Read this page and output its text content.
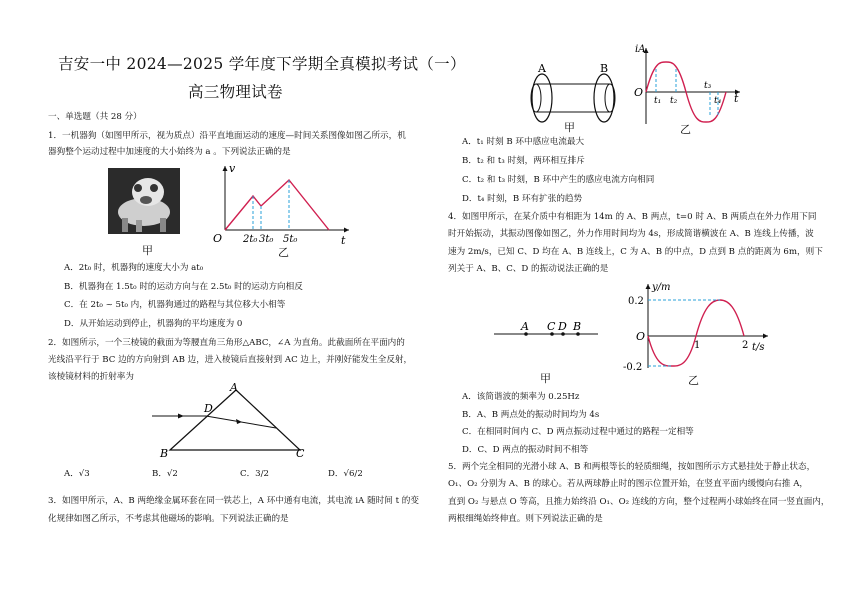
吉安一中 2024—2025 学年度下学期全真模拟考试（一）
高三物理试卷
一、单选题（共 28 分）
1．一机器狗（如图甲所示，视为质点）沿平直地面运动的速度—时间关系图像如图乙所示，机
器狗整个运动过程中加速度的大小始终为 a 。下列说法正确的是
甲
v
t
O 2t₀ 3t₀ 5t₀
乙
A．2t₀ 时，机器狗的速度大小为 at₀
B．机器狗在 1.5t₀ 时的运动方向与在 2.5t₀ 时的运动方向相反
C．在 2t₀ ~ 5t₀ 内，机器狗通过的路程与其位移大小相等
D．从开始运动到停止，机器狗的平均速度为 0
2．如图所示，一个三棱镜的截面为等腰直角三角形△ABC，∠A 为直角。此截面所在平面内的
光线沿平行于 BC 边的方向射到 AB 边，进入棱镜后直接射到 AC 边上，并刚好能发生全反射，
该棱镜材料的折射率为
A
B	C
D
A．√3	B．√2	C．3/2	D．√6/2
3．如图甲所示，A、B 两绝缘金属环套在同一铁芯上，A 环中通有电流，其电流 iA 随时间 t 的变
化规律如图乙所示，不考虑其他磁场的影响。下列说法正确的是
A	B
甲
iA
t
O
t₁ t₂
t₃
t₄
乙
A．t₁ 时刻 B 环中感应电流最大
B．t₂ 和 t₃ 时刻，两环相互排斥
C．t₂ 和 t₃ 时刻，B 环中产生的感应电流方向相同
D．t₄ 时刻，B 环有扩张的趋势
4．如图甲所示，在某介质中有相距为 14m 的 A、B 两点，t=0 时 A、B 两质点在外力作用下同
时开始振动，其振动图像如图乙，外力作用时间均为 4s，形成简谐横波在 A、B 连线上传播，波
速为 2m/s，已知 C、D 均在 A、B 连线上，C 为 A、B 的中点，D 点到 B 点的距离为 6m，则下
列关于 A、B、C、D 的振动说法正确的是
A C D B
甲
y/m
t/s
O
0.2
-0.2
1	2
乙
A．该简谐波的频率为 0.25Hz
B．A、B 两点处的振动时间均为 4s
C．在相同时间内 C、D 两点振动过程中通过的路程一定相等
D．C、D 两点的振动时间不相等
5．两个完全相同的光滑小球 A、B 和两根等长的轻质细绳，按如图所示方式悬挂处于静止状态，
O₁、O₂ 分别为 A、B 的球心。若从两球静止时的图示位置开始，在竖直平面内缓慢向右推 A，
直到 O₂ 与悬点 O 等高，且推力始终沿 O₁、O₂ 连线的方向，整个过程两小球始终在同一竖直面内，
两根细绳始终伸直。则下列说法正确的是
